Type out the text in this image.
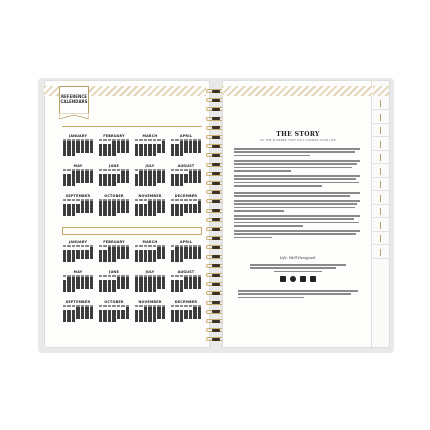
REFERENCE CALENDARS
JANUARY	FEBRUARY	MARCH	APRIL
MAY	JUNE	JULY	AUGUST
SEPTEMBER	OCTOBER	NOVEMBER	DECEMBER
JANUARY	FEBRUARY	MARCH	APRIL
MAY	JUNE	JULY	AUGUST
SEPTEMBER	OCTOBER	NOVEMBER	DECEMBER
THE STORY
OF THE PLANNER THAT WILL CHANGE YOUR LIFE
Life. Well-Designed.
